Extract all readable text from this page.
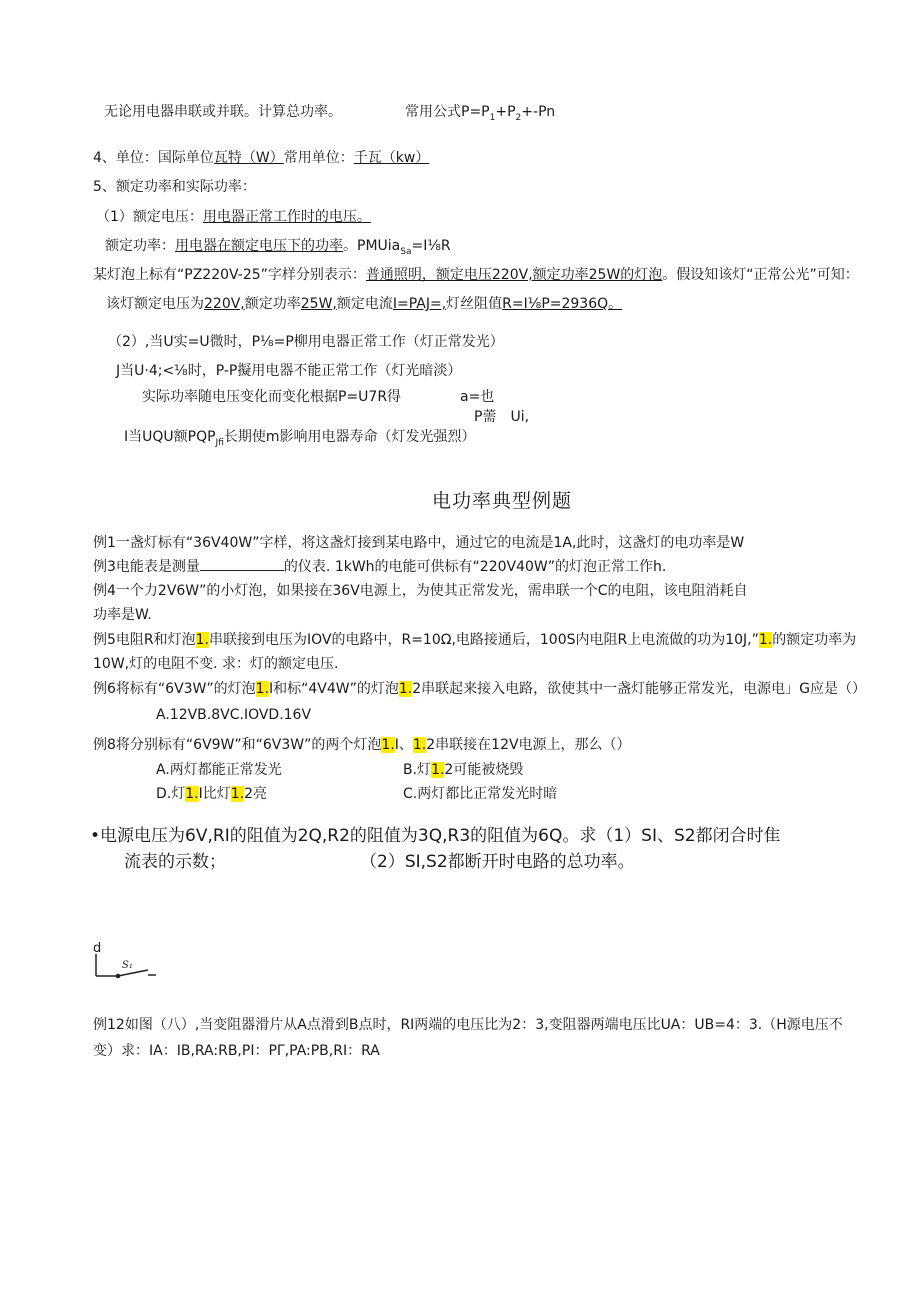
无论用电器串联或并联。计算总功率。	常用公式$P=P_1+P_2+-Pn$
4、单位：国际单位瓦特（W）常用单位：千瓦（kw）
5、额定功率和实际功率：
（1）额定电压：用电器正常工作时的电压。
额定功率：用电器在额定电压下的功率。PMUia$_{Sa}$=I⅛R
某灯泡上标有“PZ220V-25”字样分别表示：普通照明，额定电压220V,额定功率25W的灯泡。假设知该灯“正常公光”可知：
该灯额定电压为220V,额定功率25W,额定电流I=PAJ=,灯丝阻值R=I⅛P=2936Q。
（2）,当U实=U微时，P⅛=P柳用电器正常工作（灯正常发光）
J当U·4;<⅛时，P-P擬用电器不能正常工作（灯光暗淡）
实际功率随电压变化而变化根据P=U7R得	a=也
P薷　Ui,
I当UQU额$PQP_{Jfi}$长期使m影响用电器寿命（灯发光强烈）
电功率典型例题
例1一盏灯标有“36V40W”字样，将这盏灯接到某电路中，通过它的电流是1A,此时，这盏灯的电功率是W
例3电能表是测量	的仪表. 1kWh的电能可供标有“220V40W”的灯泡正常工作h.
例4一个力2V6W”的小灯泡，如果接在36V电源上，为使其正常发光，需串联一个C的电阻，该电阻消耗自
功率是W.
例5电阻R和灯泡1.串联接到电压为IOV的电路中，R=10Ω,电路接通后，100S内电阻R上电流做的功为10J,”1.的额定功率为
10W,灯的电阻不变. 求：灯的额定电压.
例6将标有“6V3W”的灯泡1.I和标“4V4W”的灯泡1.2串联起来接入电路，欲使其中一盏灯能够正常发光，电源电」G应是（）
A.12VB.8VC.IOVD.16V
例8将分别标有“6V9W”和“6V3W”的两个灯泡1.I、1.2串联接在12V电源上，那么（）
A.两灯都能正常发光	B.灯1.2可能被烧毁
D.灯1.I比灯1.2亮	C.两灯都比正常发光时暗
•电源电压为6V,RI的阻值为2Q,R2的阻值为3Q,R3的阻值为6Q。求（1）SI、S2都闭合时隹
流表的示数；	（2）SI,S2都断开时电路的总功率。
d
S₁
例12如图（八）,当变阻器滑片从A点滑到B点时，RI两端的电压比为2：3,变阻器两端电压比UA：UB=4：3.（H源电压不
变）求：IA：IB,RA:RB,PI：PΓ,PA:PB,RI：RA
